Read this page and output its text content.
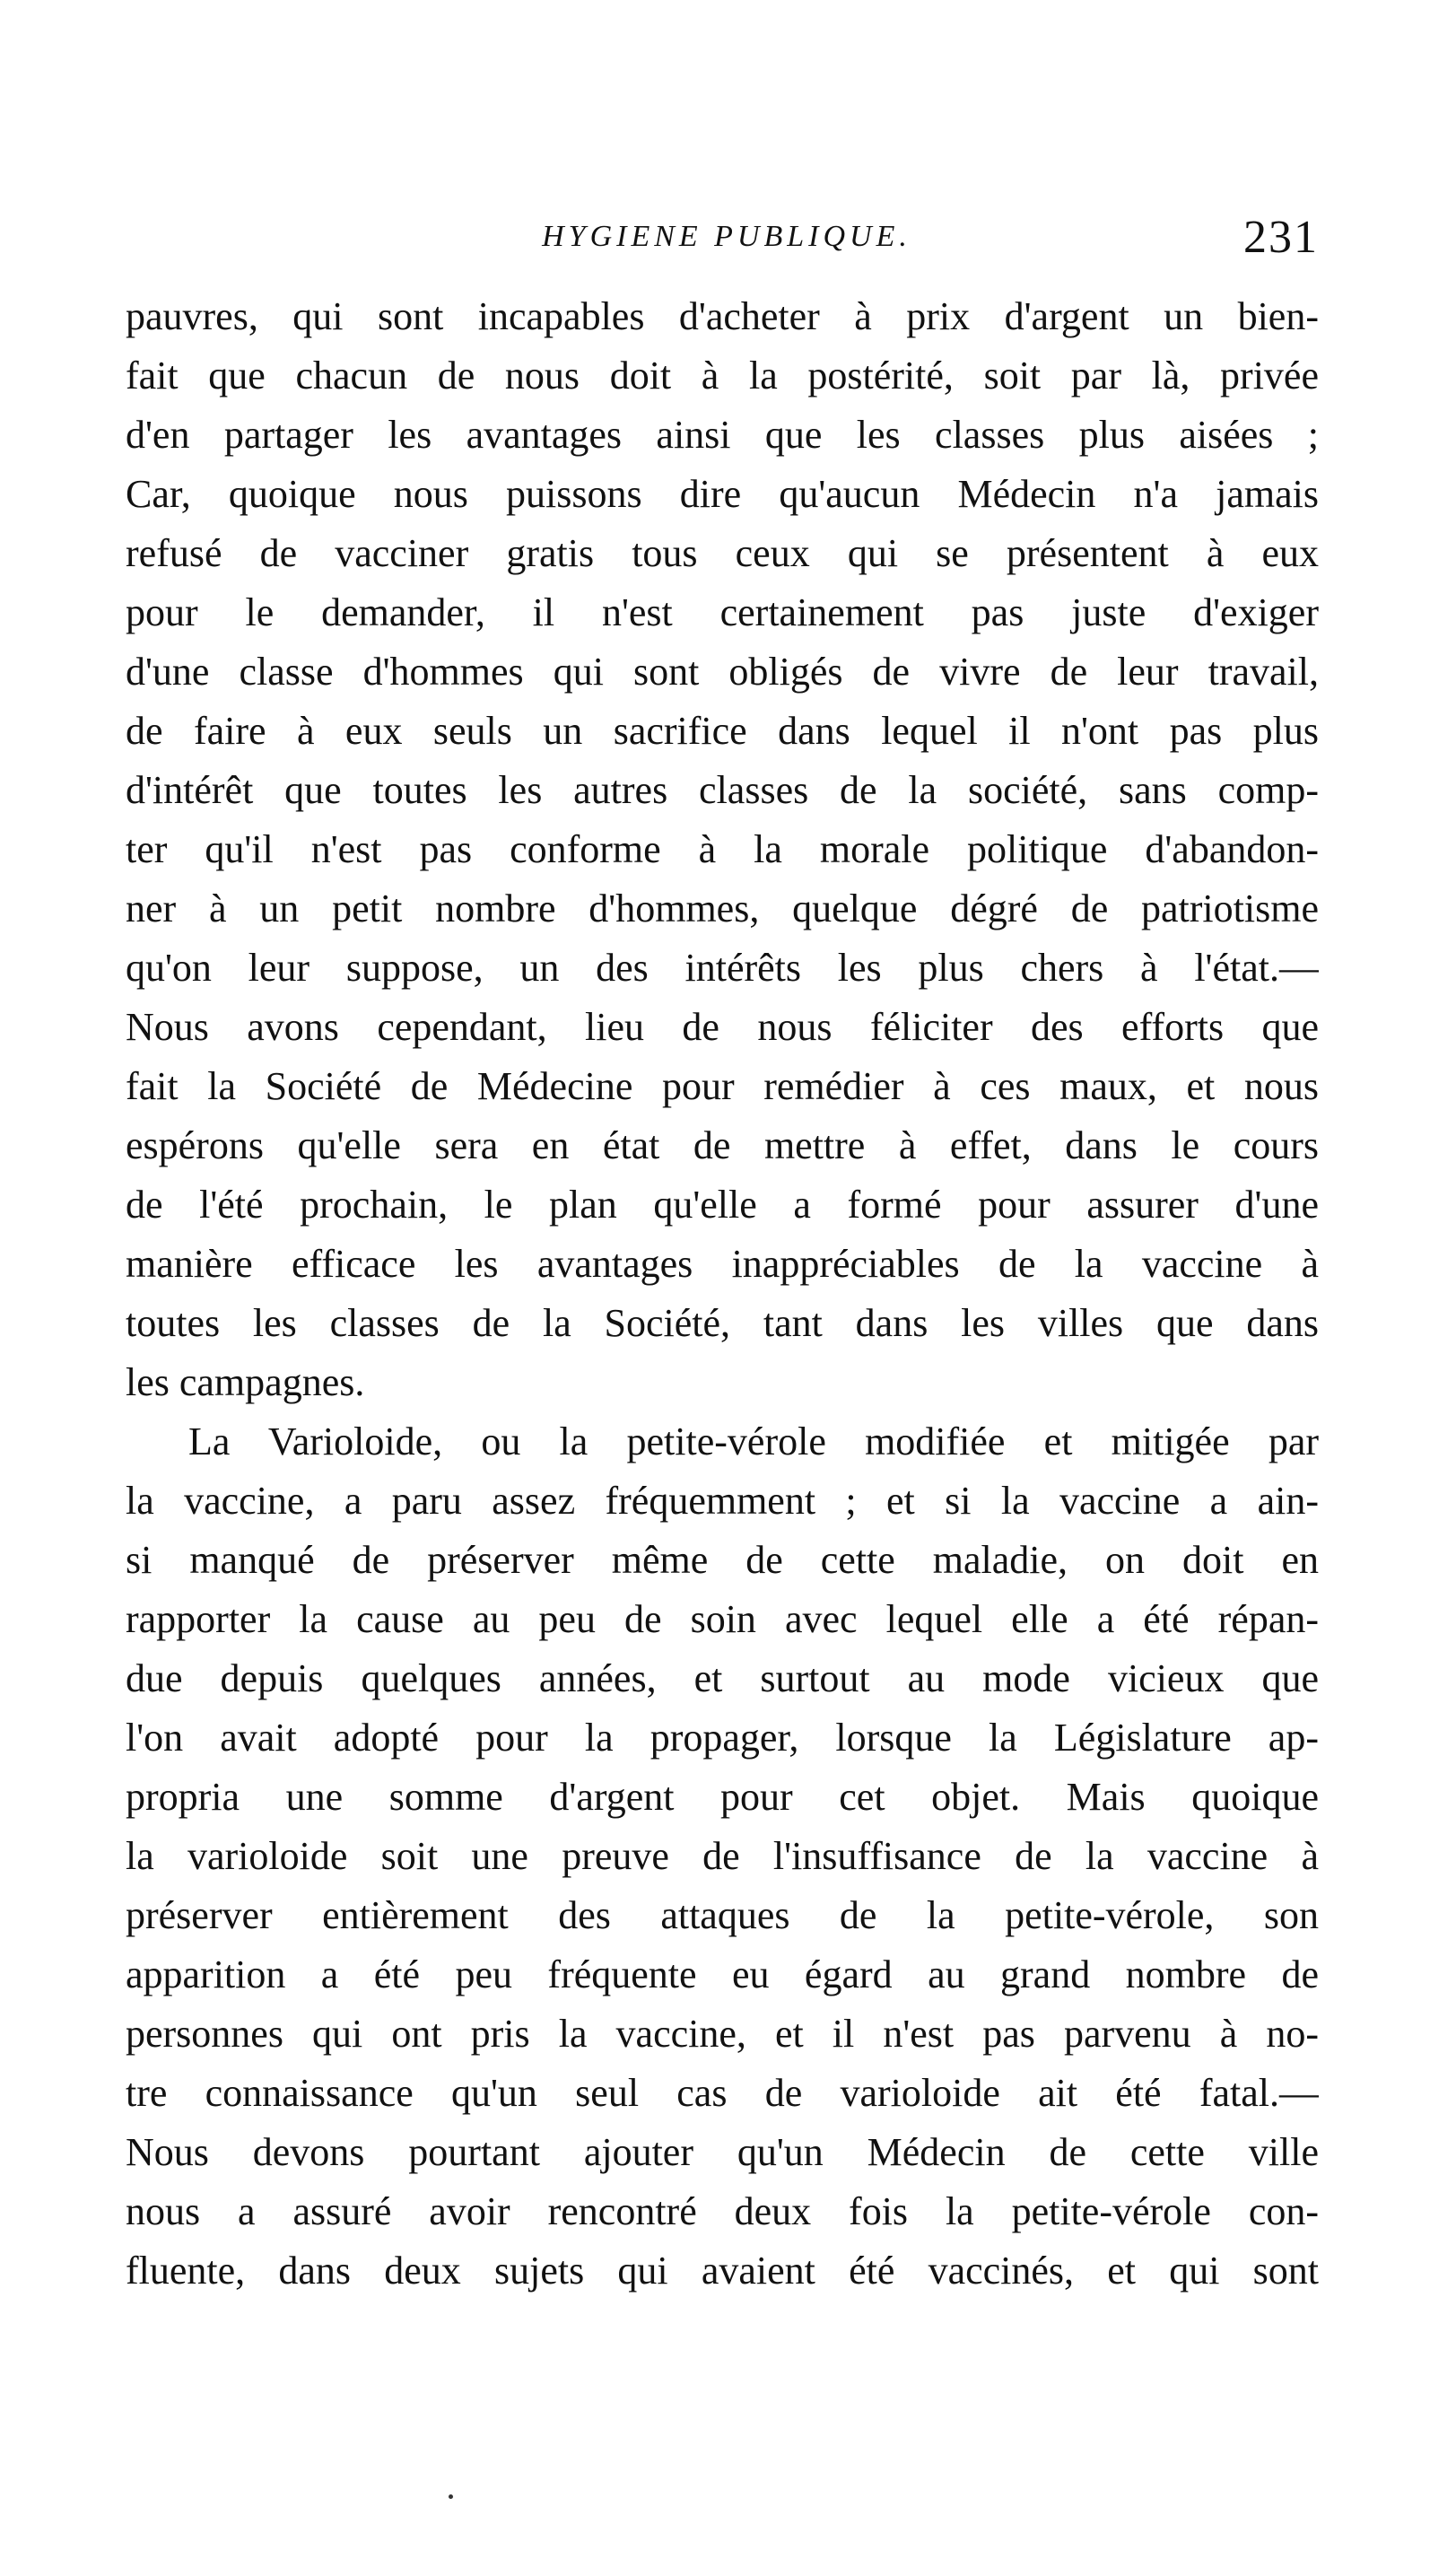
HYGIENE PUBLIQUE.	231
pauvres, qui sont incapables d'acheter à prix d'argent un bien-
fait que chacun de nous doit à la postérité, soit par là, privée
d'en partager les avantages ainsi que les classes plus aisées ;
Car, quoique nous puissons dire qu'aucun Médecin n'a jamais
refusé de vacciner gratis tous ceux qui se présentent à eux
pour le demander, il n'est certainement pas juste d'exiger
d'une classe d'hommes qui sont obligés de vivre de leur travail,
de faire à eux seuls un sacrifice dans lequel il n'ont pas plus
d'intérêt que toutes les autres classes de la société, sans comp-
ter qu'il n'est pas conforme à la morale politique d'abandon-
ner à un petit nombre d'hommes, quelque dégré de patriotisme
qu'on leur suppose, un des intérêts les plus chers à l'état.—
Nous avons cependant, lieu de nous féliciter des efforts que
fait la Société de Médecine pour remédier à ces maux, et nous
espérons qu'elle sera en état de mettre à effet, dans le cours
de l'été prochain, le plan qu'elle a formé pour assurer d'une
manière efficace les avantages inappréciables de la vaccine à
toutes les classes de la Société, tant dans les villes que dans
les campagnes.
La Varioloide, ou la petite-vérole modifiée et mitigée par
la vaccine, a paru assez fréquemment ; et si la vaccine a ain-
si manqué de préserver même de cette maladie, on doit en
rapporter la cause au peu de soin avec lequel elle a été répan-
due depuis quelques années, et surtout au mode vicieux que
l'on avait adopté pour la propager, lorsque la Législature ap-
propria une somme d'argent pour cet objet. Mais quoique
la varioloide soit une preuve de l'insuffisance de la vaccine à
préserver entièrement des attaques de la petite-vérole, son
apparition a été peu fréquente eu égard au grand nombre de
personnes qui ont pris la vaccine, et il n'est pas parvenu à no-
tre connaissance qu'un seul cas de varioloide ait été fatal.—
Nous devons pourtant ajouter qu'un Médecin de cette ville
nous a assuré avoir rencontré deux fois la petite-vérole con-
fluente, dans deux sujets qui avaient été vaccinés, et qui sont
